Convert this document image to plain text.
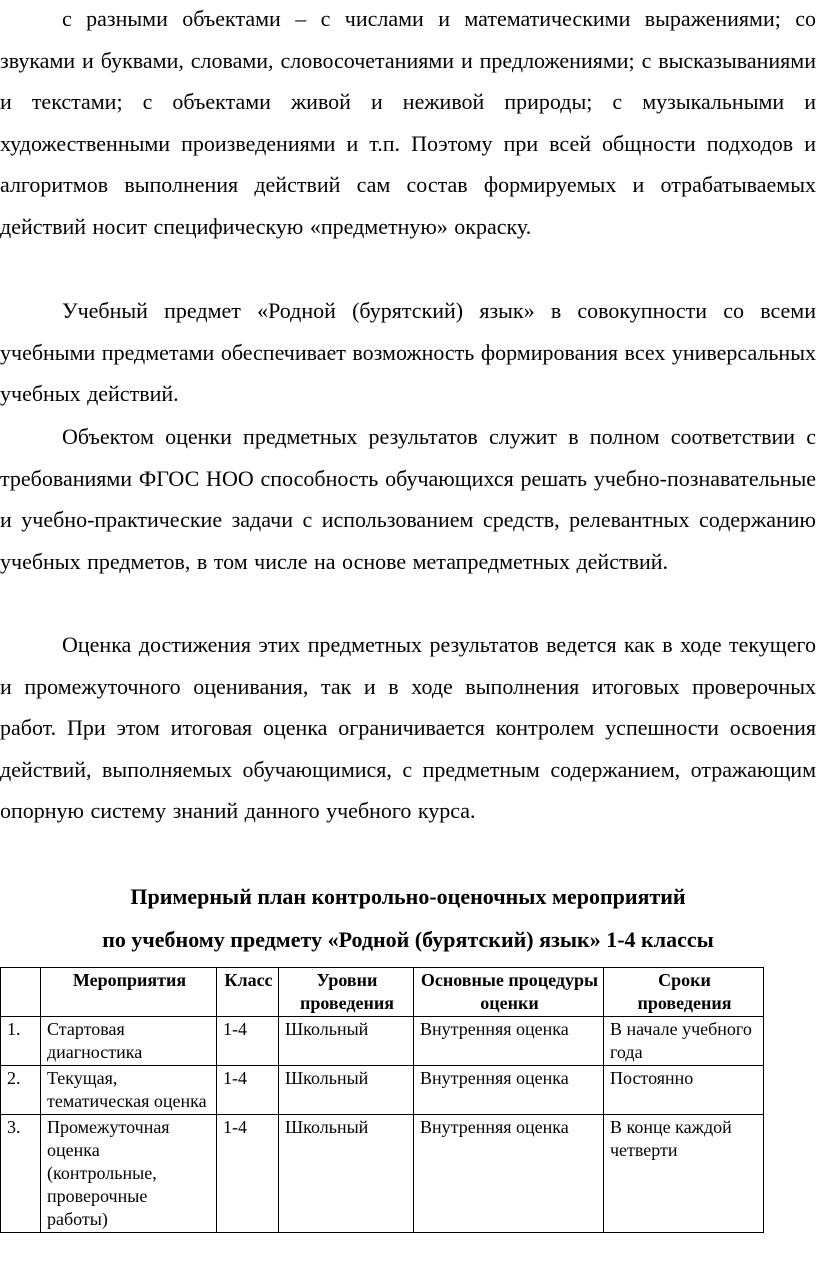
с разными объектами – с числами и математическими выражениями; со звуками и буквами, словами, словосочетаниями и предложениями; с высказываниями и текстами; с объектами живой и неживой природы; с музыкальными и художественными произведениями и т.п. Поэтому при всей общности подходов и алгоритмов выполнения действий сам состав формируемых и отрабатываемых действий носит специфическую «предметную» окраску.

Учебный предмет «Родной (бурятский) язык» в совокупности со всеми учебными предметами обеспечивает возможность формирования всех универсальных учебных действий.

Объектом оценки предметных результатов служит в полном соответствии с требованиями ФГОС НОО способность обучающихся решать учебно-познавательные и учебно-практические задачи с использованием средств, релевантных содержанию учебных предметов, в том числе на основе метапредметных действий.

Оценка достижения этих предметных результатов ведется как в ходе текущего и промежуточного оценивания, так и в ходе выполнения итоговых проверочных работ. При этом итоговая оценка ограничивается контролем успешности освоения действий, выполняемых обучающимися, с предметным содержанием, отражающим опорную систему знаний данного учебного курса.

Примерный план контрольно-оценочных мероприятий

по учебному предмету «Родной (бурятский) язык» 1-4 классы

	Мероприятия	Класс	Уровни проведения	Основные процедуры оценки	Сроки проведения
1.	Стартовая диагностика	1-4	Школьный	Внутренняя оценка	В начале учебного года
2.	Текущая, тематическая оценка	1-4	Школьный	Внутренняя оценка	Постоянно
3.	Промежуточная оценка (контрольные, проверочные работы)	1-4	Школьный	Внутренняя оценка	В конце каждой четверти
